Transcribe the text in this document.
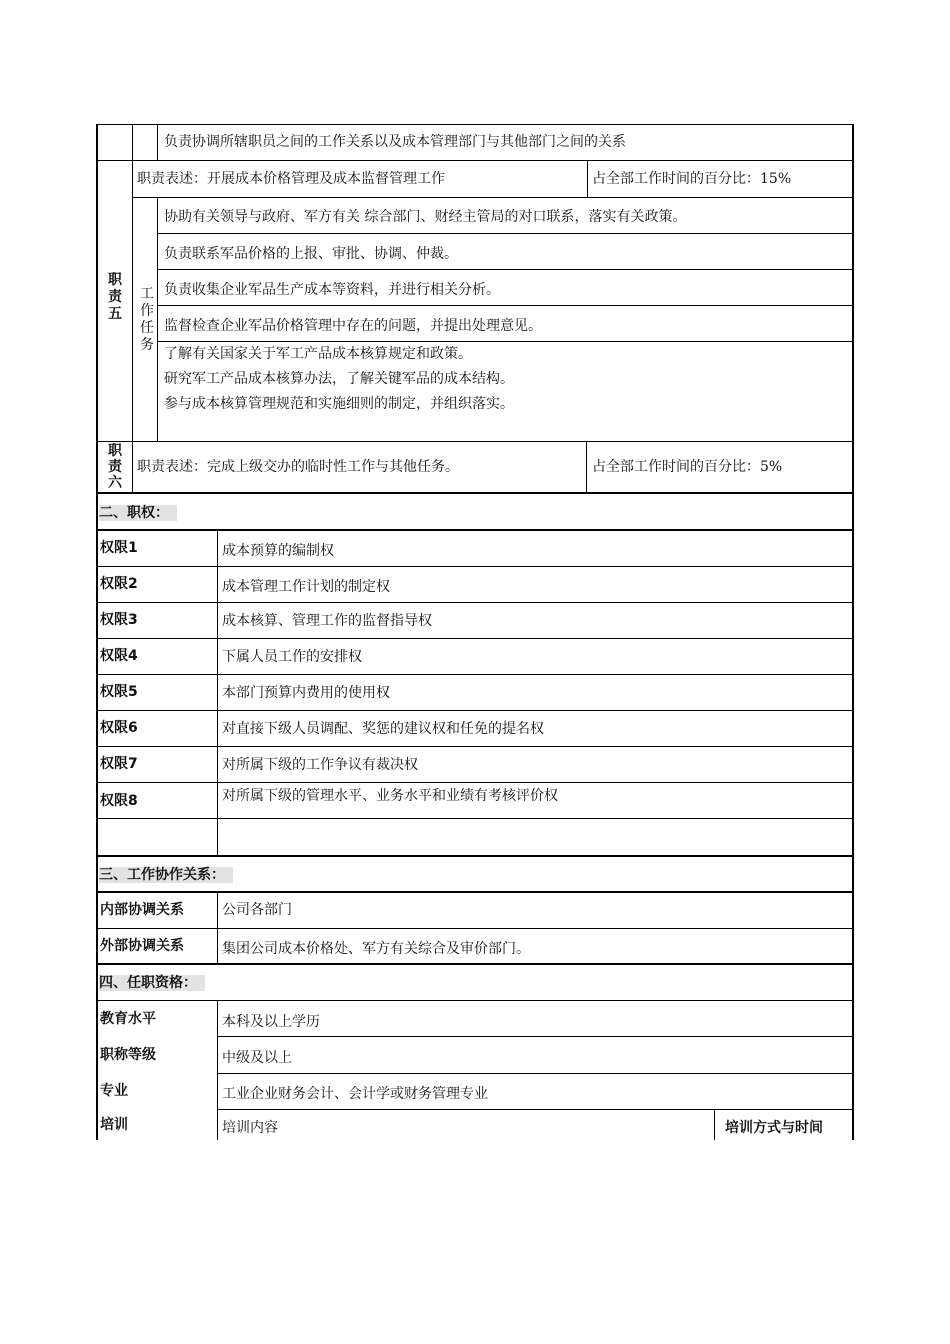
负责协调所辖职员之间的工作关系以及成本管理部门与其他部门之间的关系
职责五
职责表述：开展成本价格管理及成本监督管理工作	占全部工作时间的百分比：15%
工作任务
协助有关领导与政府、军方有关 综合部门、财经主管局的对口联系，落实有关政策。
负责联系军品价格的上报、审批、协调、仲裁。
负责收集企业军品生产成本等资料，并进行相关分析。
监督检查企业军品价格管理中存在的问题，并提出处理意见。
了解有关国家关于军工产品成本核算规定和政策。
研究军工产品成本核算办法，了解关键军品的成本结构。
参与成本核算管理规范和实施细则的制定，并组织落实。
职责六
职责表述：完成上级交办的临时性工作与其他任务。	占全部工作时间的百分比：5%
二、职权：
权限1	成本预算的编制权
权限2	成本管理工作计划的制定权
权限3	成本核算、管理工作的监督指导权
权限4	下属人员工作的安排权
权限5	本部门预算内费用的使用权
权限6	对直接下级人员调配、奖惩的建议权和任免的提名权
权限7	对所属下级的工作争议有裁决权
权限8	对所属下级的管理水平、业务水平和业绩有考核评价权
三、工作协作关系：
内部协调关系	公司各部门
外部协调关系	集团公司成本价格处、军方有关综合及审价部门。
四、任职资格：
教育水平	本科及以上学历
职称等级	中级及以上
专业	工业企业财务会计、会计学或财务管理专业
培训	培训内容	培训方式与时间
